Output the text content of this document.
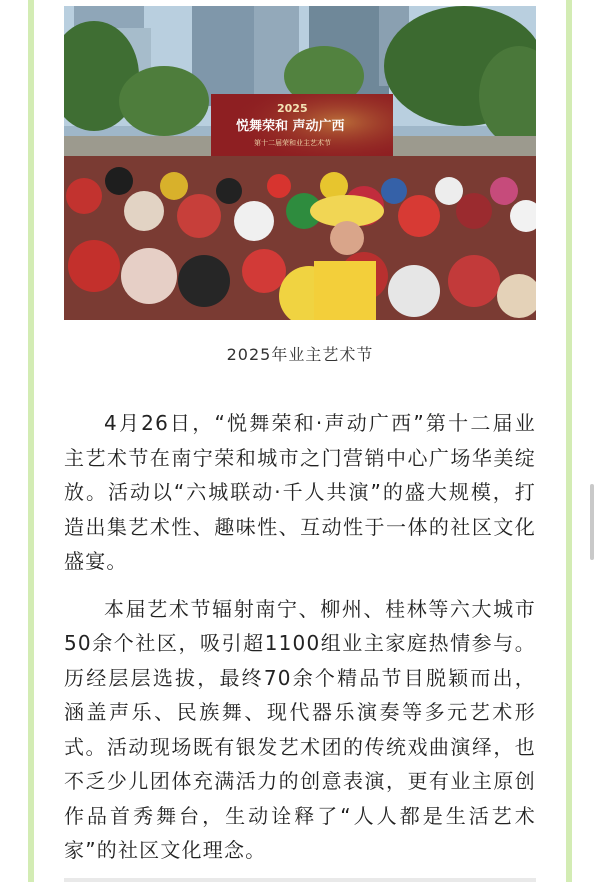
2025
悦舞荣和 声动广西
第十二届荣和业主艺术节
2025年业主艺术节

4月26日，“悦舞荣和·声动广西”第十二届业主艺术节在南宁荣和城市之门营销中心广场华美绽放。活动以“六城联动·千人共演”的盛大规模，打造出集艺术性、趣味性、互动性于一体的社区文化盛宴。

本届艺术节辐射南宁、柳州、桂林等六大城市50余个社区，吸引超1100组业主家庭热情参与。历经层层选拔，最终70余个精品节目脱颖而出，涵盖声乐、民族舞、现代器乐演奏等多元艺术形式。活动现场既有银发艺术团的传统戏曲演绎，也不乏少儿团体充满活力的创意表演，更有业主原创作品首秀舞台，生动诠释了“人人都是生活艺术家”的社区文化理念。
